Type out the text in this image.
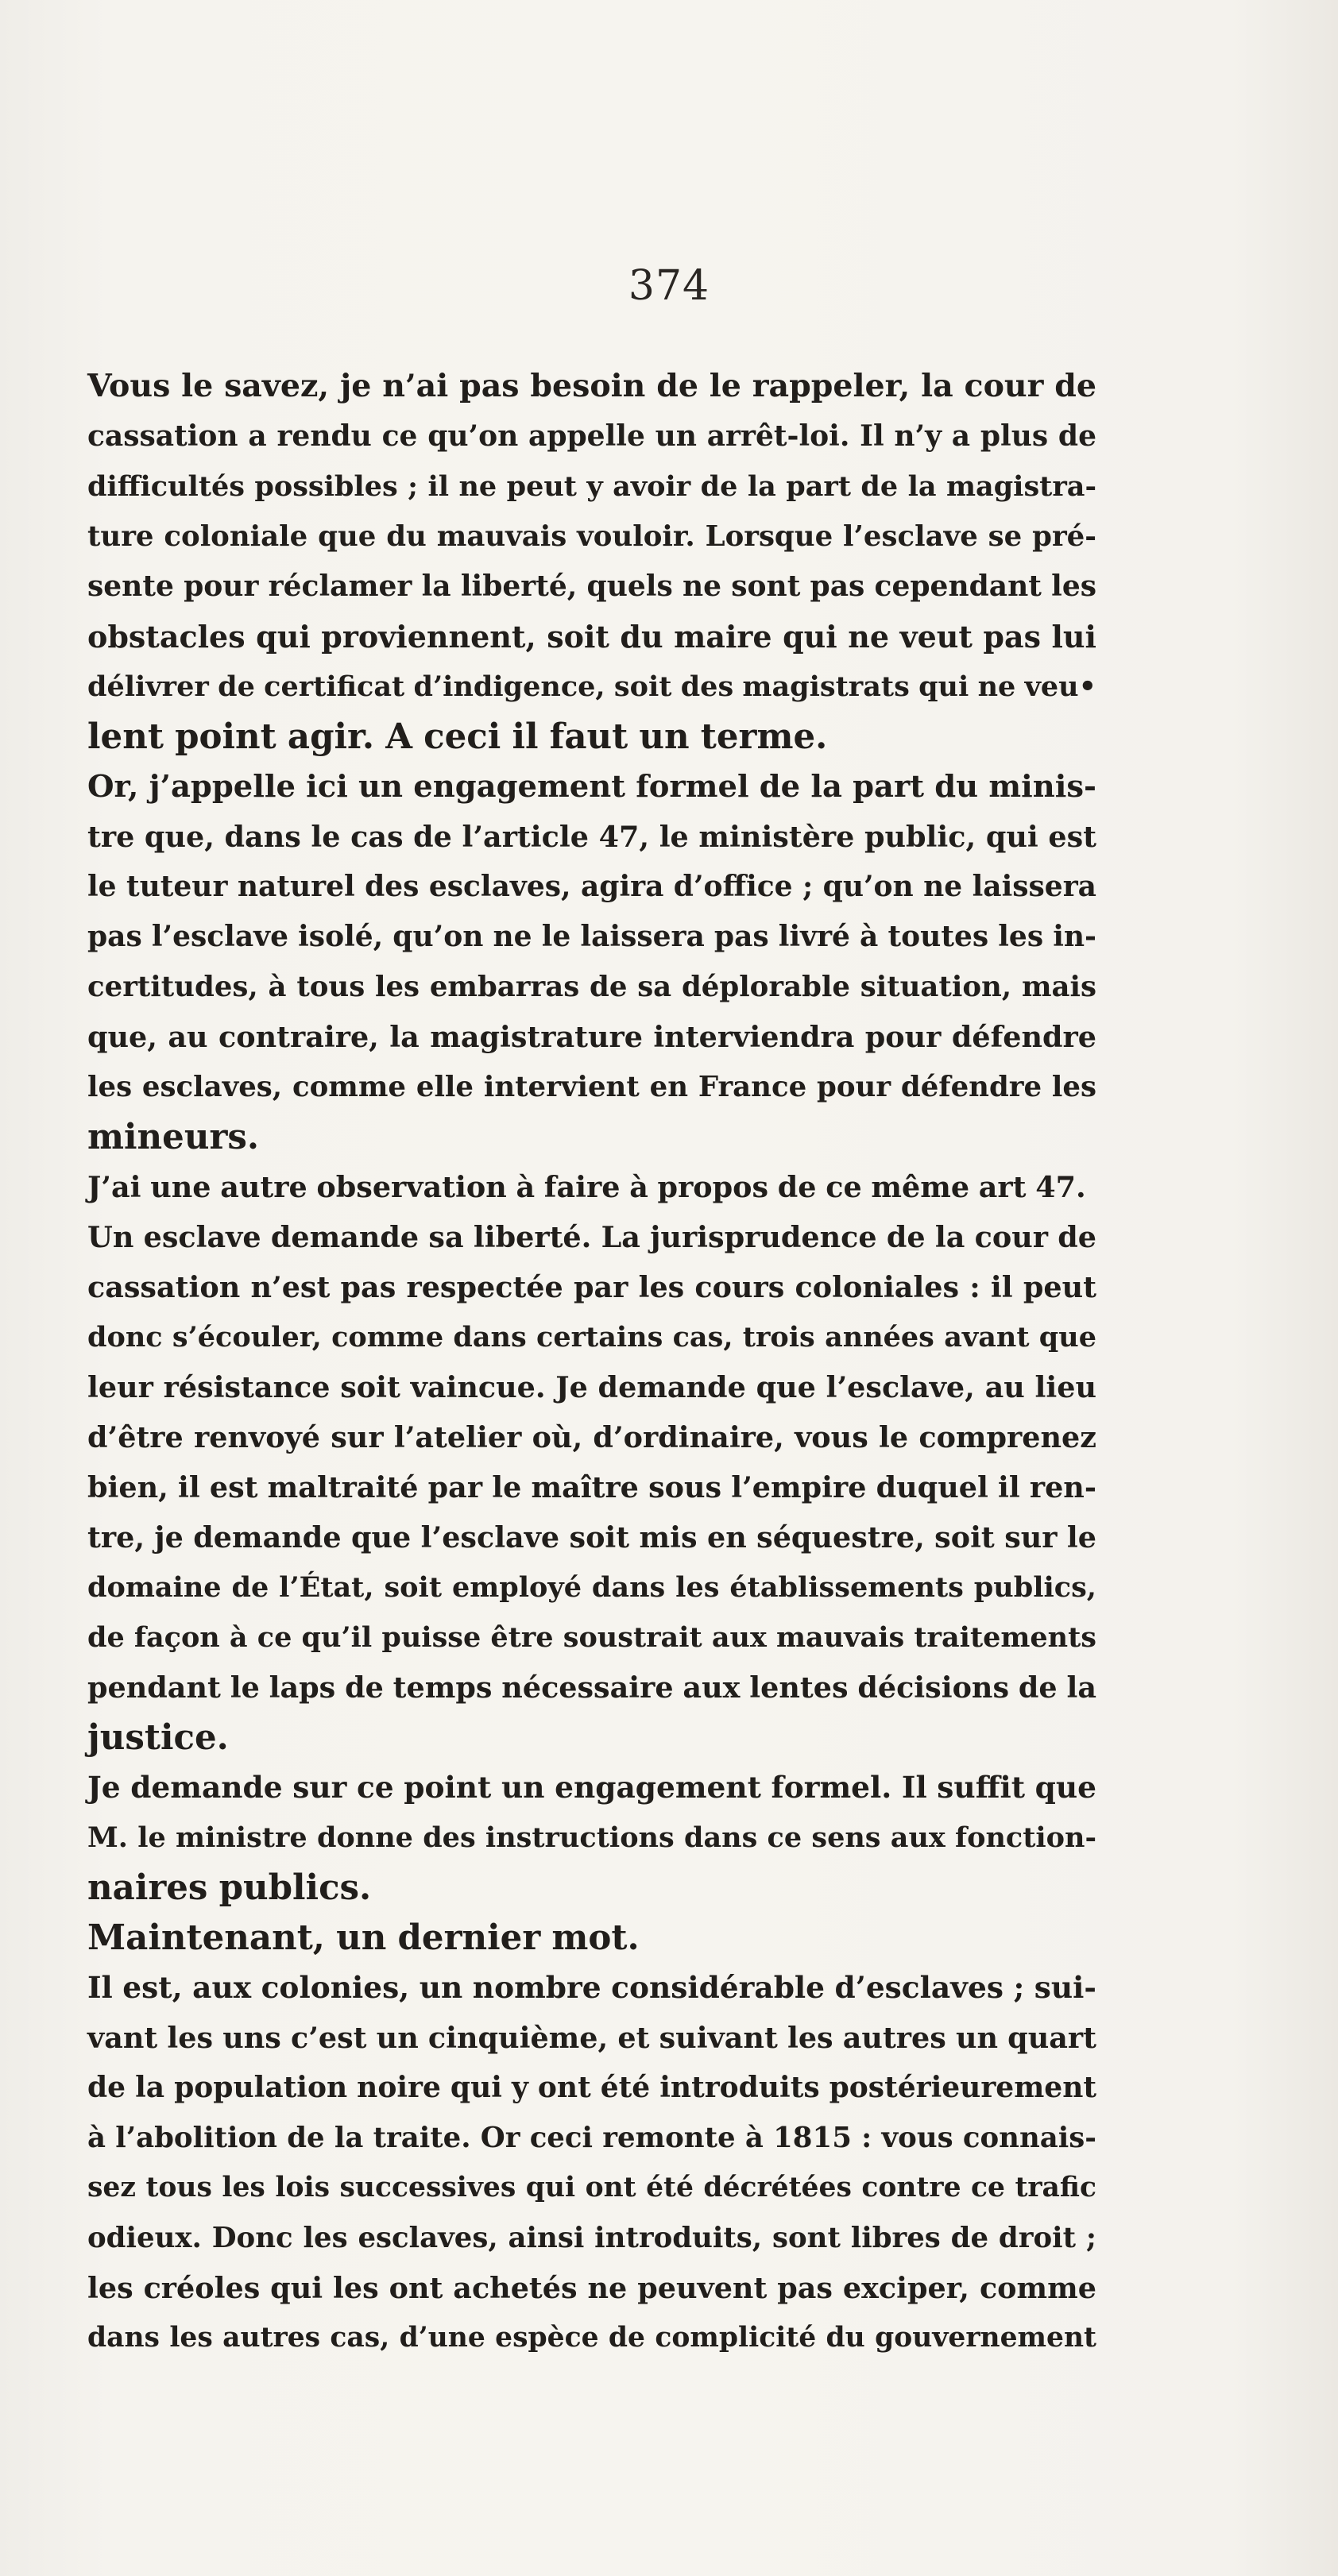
374
Vous le savez, je n’ai pas besoin de le rappeler, la cour de
cassation a rendu ce qu’on appelle un arrêt-loi. Il n’y a plus de
difficultés possibles ; il ne peut y avoir de la part de la magistra-
ture coloniale que du mauvais vouloir. Lorsque l’esclave se pré-
sente pour réclamer la liberté, quels ne sont pas cependant les
obstacles qui proviennent, soit du maire qui ne veut pas lui
délivrer de certificat d’indigence, soit des magistrats qui ne veu•
lent point agir. A ceci il faut un terme.
Or, j’appelle ici un engagement formel de la part du minis-
tre que, dans le cas de l’article 47, le ministère public, qui est
le tuteur naturel des esclaves, agira d’office ; qu’on ne laissera
pas l’esclave isolé, qu’on ne le laissera pas livré à toutes les in-
certitudes, à tous les embarras de sa déplorable situation, mais
que, au contraire, la magistrature interviendra pour défendre
les esclaves, comme elle intervient en France pour défendre les
mineurs.
J’ai une autre observation à faire à propos de ce même art 47.
Un esclave demande sa liberté. La jurisprudence de la cour de
cassation n’est pas respectée par les cours coloniales : il peut
donc s’écouler, comme dans certains cas, trois années avant que
leur résistance soit vaincue. Je demande que l’esclave, au lieu
d’être renvoyé sur l’atelier où, d’ordinaire, vous le comprenez
bien, il est maltraité par le maître sous l’empire duquel il ren-
tre, je demande que l’esclave soit mis en séquestre, soit sur le
domaine de l’État, soit employé dans les établissements publics,
de façon à ce qu’il puisse être soustrait aux mauvais traitements
pendant le laps de temps nécessaire aux lentes décisions de la
justice.
Je demande sur ce point un engagement formel. Il suffit que
M. le ministre donne des instructions dans ce sens aux fonction-
naires publics.
Maintenant, un dernier mot.
Il est, aux colonies, un nombre considérable d’esclaves ; sui-
vant les uns c’est un cinquième, et suivant les autres un quart
de la population noire qui y ont été introduits postérieurement
à l’abolition de la traite. Or ceci remonte à 1815 : vous connais-
sez tous les lois successives qui ont été décrétées contre ce trafic
odieux. Donc les esclaves, ainsi introduits, sont libres de droit ;
les créoles qui les ont achetés ne peuvent pas exciper, comme
dans les autres cas, d’une espèce de complicité du gouvernement
